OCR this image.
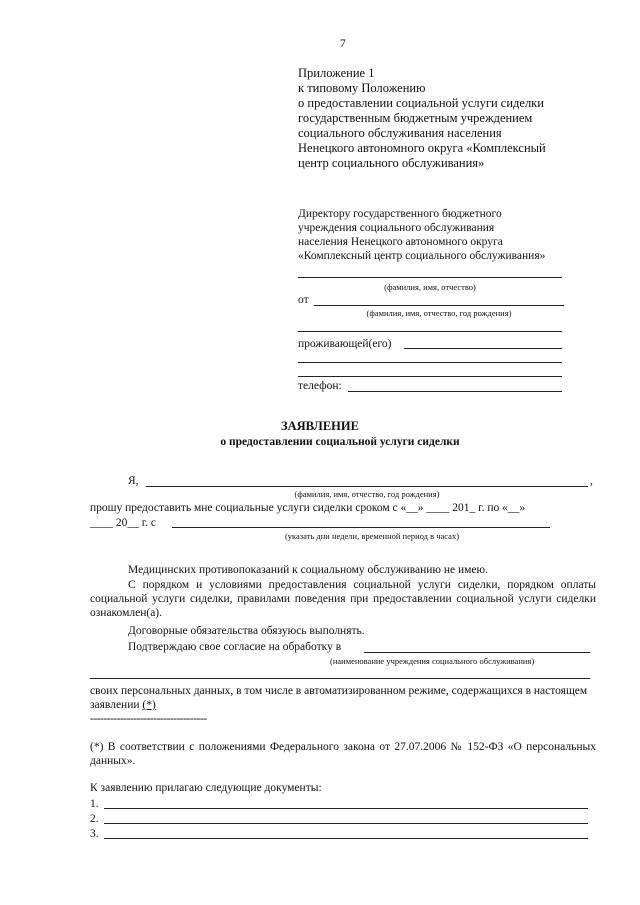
7
Приложение 1
к типовому Положению
о предоставлении социальной услуги сиделки
государственным бюджетным учреждением
социального обслуживания населения
Ненецкого автономного округа «Комплексный
центр социального обслуживания»
Директору государственного бюджетного
учреждения социального обслуживания
населения Ненецкого автономного округа
«Комплексный центр социального обслуживания»
(фамилия, имя, отчество)
от
(фамилия, имя, отчество, год рождения)
проживающей(его)
телефон:
ЗАЯВЛЕНИЕ
о предоставлении социальной услуги сиделки
Я,	,
(фамилия, имя, отчество, год рождения)
прошу предоставить мне социальные услуги сиделки сроком с «__» ____ 201_ г. по «__»
____ 20__ г. с
(указать дни недели, временной период в часах)
Медицинских противопоказаний к социальному обслуживанию не имею.
С порядком и условиями предоставления социальной услуги сиделки, порядком оплаты социальной услуги сиделки, правилами поведения при предоставлении социальной услуги сиделки ознакомлен(а).
Договорные обязательства обязуюсь выполнять.
Подтверждаю свое согласие на обработку в
(наименование учреждения социального обслуживания)
своих персональных данных, в том числе в автоматизированном режиме, содержащихся в настоящем заявлении (*)
-----------------------------------
(*) В соответствии с положениями Федерального закона от 27.07.2006 № 152-ФЗ «О персональных данных».
К заявлению прилагаю следующие документы:
1.
2.
3.
